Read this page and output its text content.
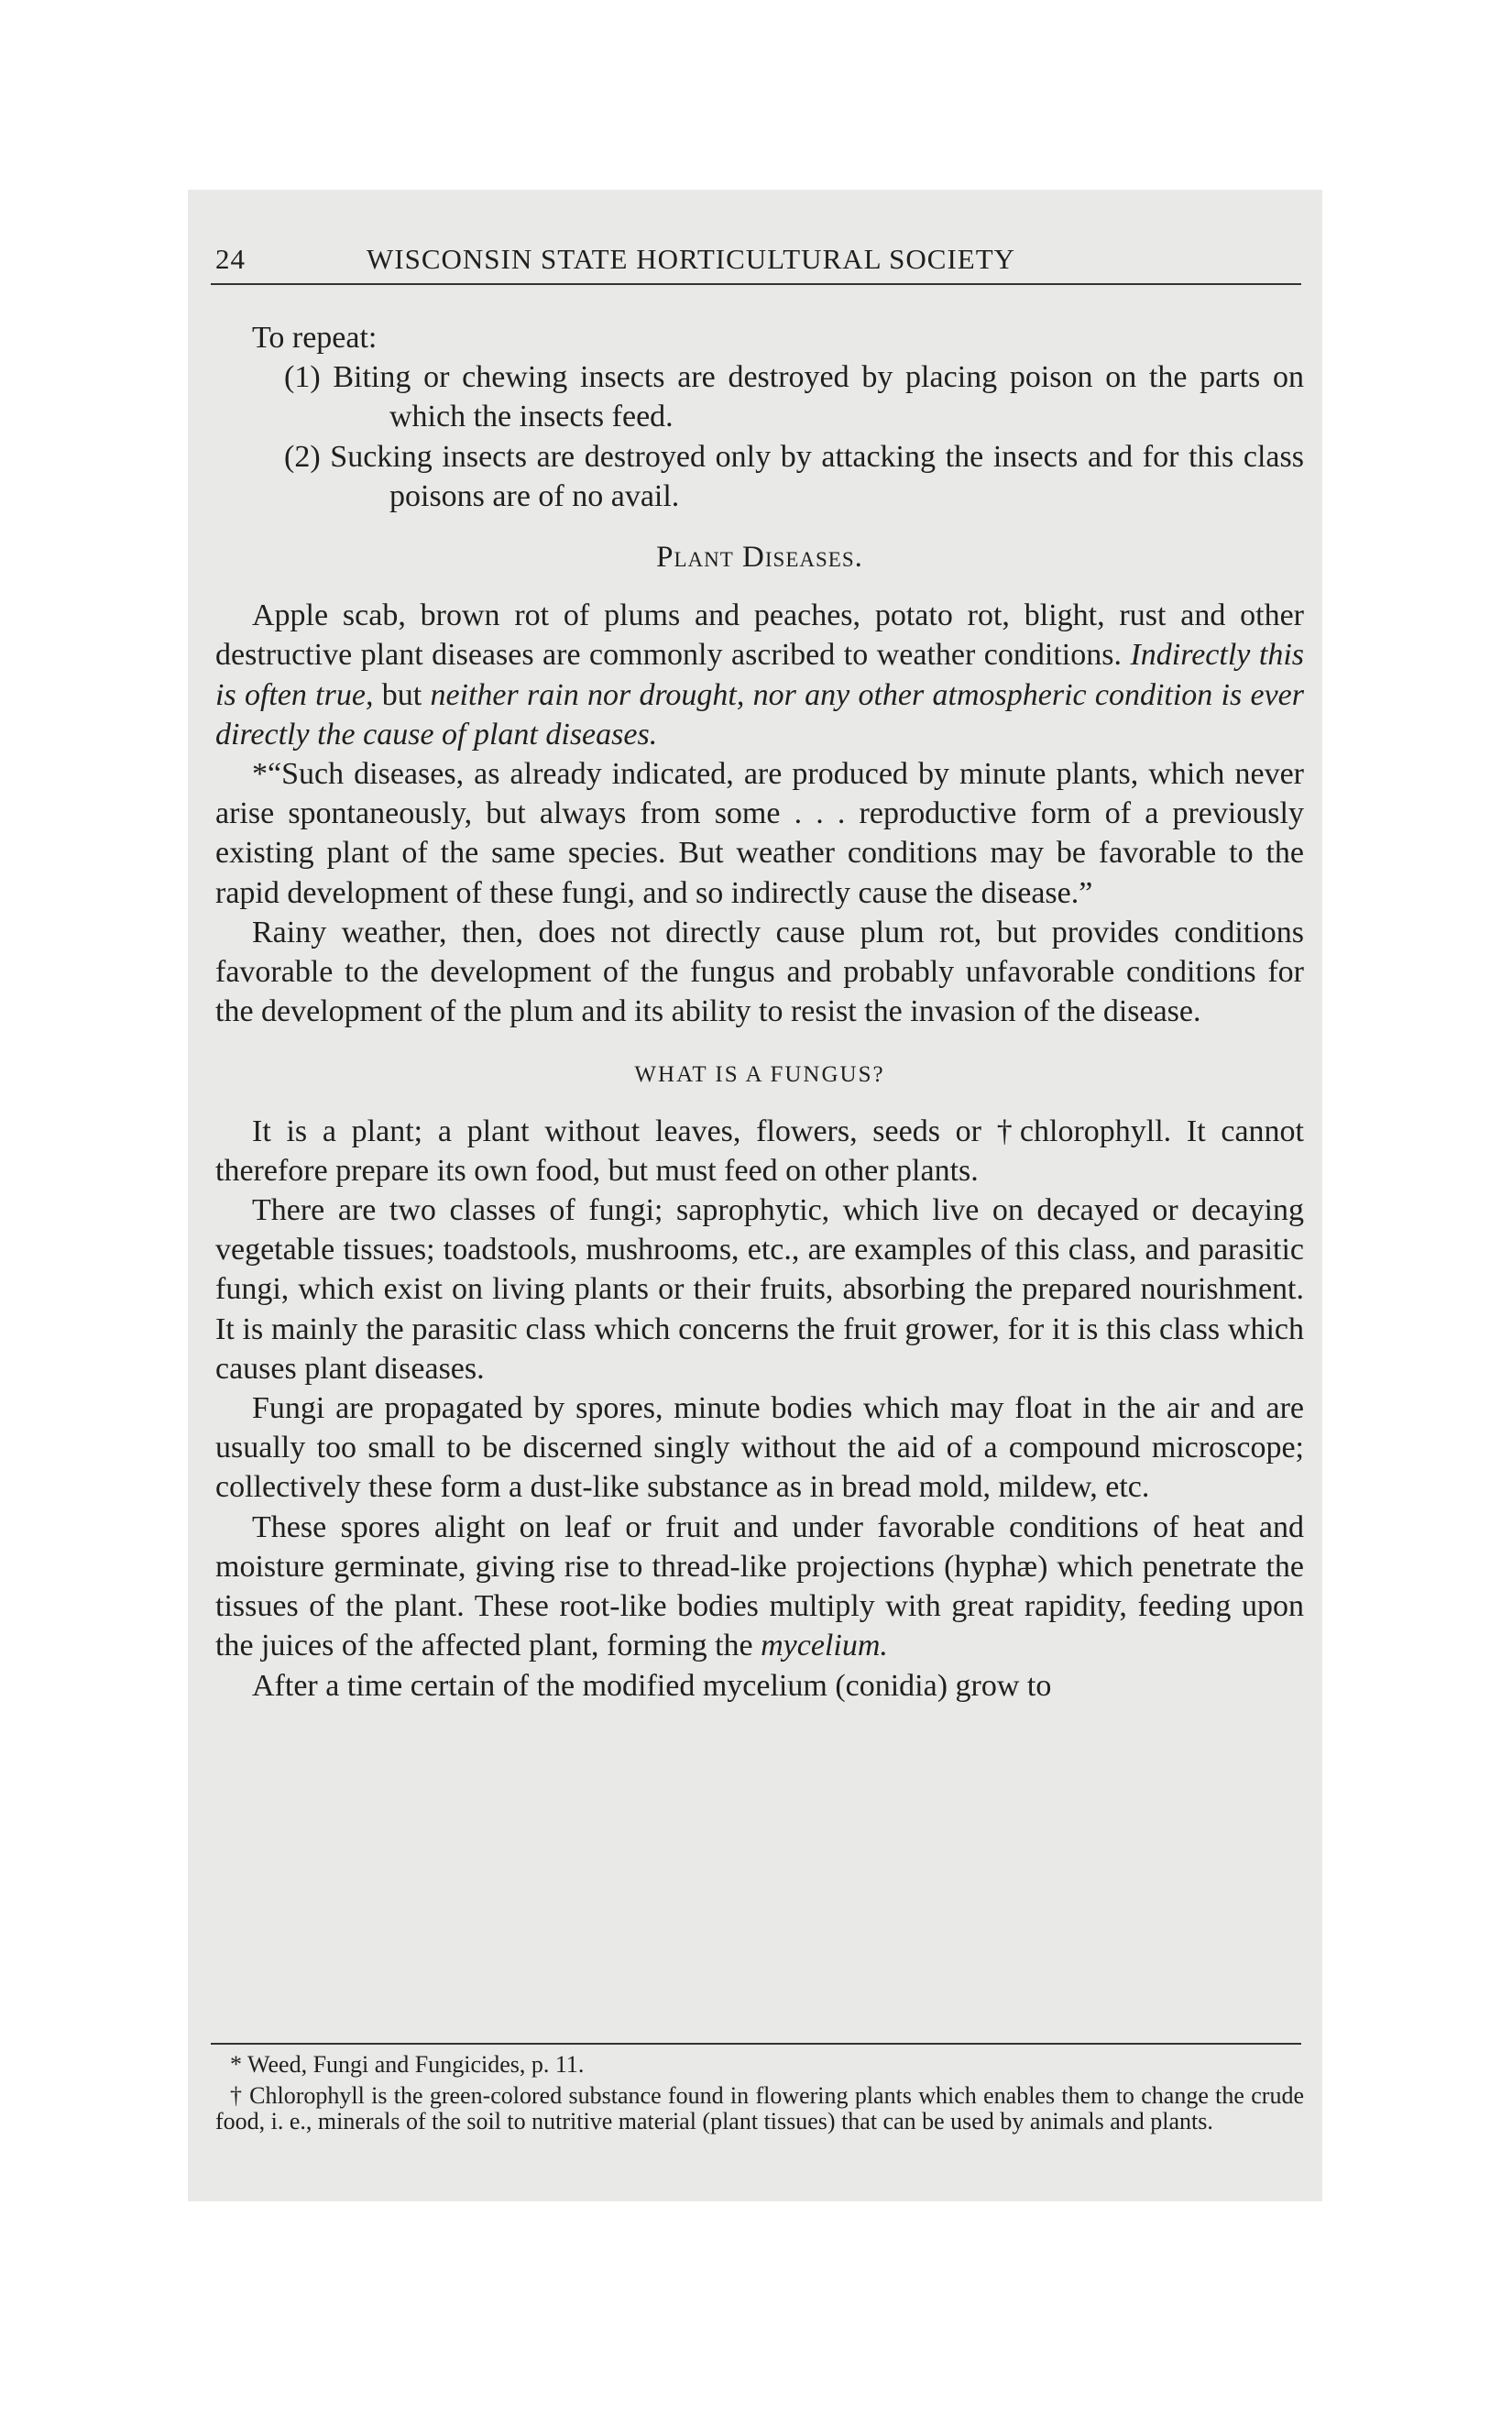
24	WISCONSIN STATE HORTICULTURAL SOCIETY

To repeat:

(1) Biting or chewing insects are destroyed by placing poison on the parts on which the insects feed.

(2) Sucking insects are destroyed only by attacking the insects and for this class poisons are of no avail.

Plant Diseases.

Apple scab, brown rot of plums and peaches, potato rot, blight, rust and other destructive plant diseases are commonly ascribed to weather conditions. Indirectly this is often true, but neither rain nor drought, nor any other atmospheric condition is ever directly the cause of plant diseases.

*“Such diseases, as already indicated, are produced by minute plants, which never arise spontaneously, but always from some . . . reproductive form of a previously existing plant of the same species. But weather conditions may be favorable to the rapid development of these fungi, and so indirectly cause the disease.”

Rainy weather, then, does not directly cause plum rot, but provides conditions favorable to the development of the fungus and probably unfavorable conditions for the development of the plum and its ability to resist the invasion of the disease.

WHAT IS A FUNGUS?

It is a plant; a plant without leaves, flowers, seeds or †chlorophyll. It cannot therefore prepare its own food, but must feed on other plants.

There are two classes of fungi; saprophytic, which live on decayed or decaying vegetable tissues; toadstools, mushrooms, etc., are examples of this class, and parasitic fungi, which exist on living plants or their fruits, absorbing the prepared nourishment. It is mainly the parasitic class which concerns the fruit grower, for it is this class which causes plant diseases.

Fungi are propagated by spores, minute bodies which may float in the air and are usually too small to be discerned singly without the aid of a compound microscope; collectively these form a dust-like substance as in bread mold, mildew, etc.

These spores alight on leaf or fruit and under favorable conditions of heat and moisture germinate, giving rise to thread-like projections (hyphæ) which penetrate the tissues of the plant. These root-like bodies multiply with great rapidity, feeding upon the juices of the affected plant, forming the mycelium.

After a time certain of the modified mycelium (conidia) grow to

* Weed, Fungi and Fungicides, p. 11.

† Chlorophyll is the green-colored substance found in flowering plants which enables them to change the crude food, i. e., minerals of the soil to nutritive material (plant tissues) that can be used by animals and plants.
